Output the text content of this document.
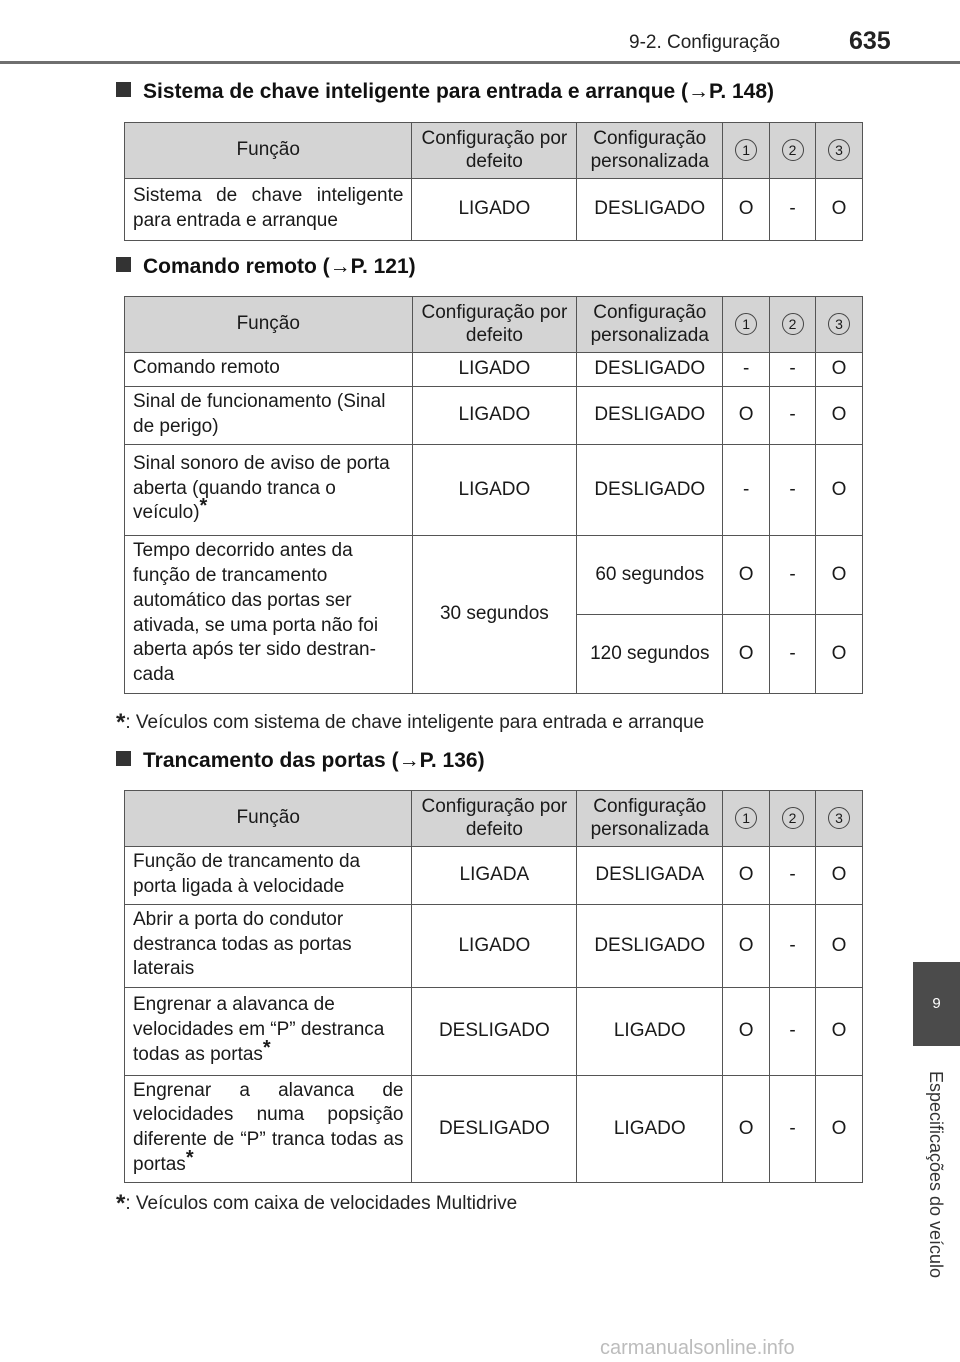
9-2. Configuração	635
9
Especificações do veículo
Sistema de chave inteligente para entrada e arranque (→P. 148)
Função	Configuração por defeito	Configuração personalizada	1	2	3
Sistema de chave inteligente para entrada e arranque	LIGADO	DESLIGADO	O	-	O
Comando remoto (→P. 121)
Função	Configuração por defeito	Configuração personalizada	1	2	3
Comando remoto	LIGADO	DESLIGADO	-	-	O
Sinal de funcionamento (Sinal de perigo)	LIGADO	DESLIGADO	O	-	O
Sinal sonoro de aviso de porta aberta (quando tranca o veículo)*	LIGADO	DESLIGADO	-	-	O
Tempo decorrido antes da função de trancamento automático das portas ser ativada, se uma porta não foi aberta após ter sido destran-cada	30 segundos	60 segundos	O	-	O
		120 segundos	O	-	O
*: Veículos com sistema de chave inteligente para entrada e arranque
Trancamento das portas (→P. 136)
Função	Configuração por defeito	Configuração personalizada	1	2	3
Função de trancamento da porta ligada à velocidade	LIGADA	DESLIGADA	O	-	O
Abrir a porta do condutor destranca todas as portas laterais	LIGADO	DESLIGADO	O	-	O
Engrenar a alavanca de velocidades em “P” destranca todas as portas*	DESLIGADO	LIGADO	O	-	O
Engrenar a alavanca de velocidades numa popsição diferente de “P” tranca todas as portas*	DESLIGADO	LIGADO	O	-	O
*: Veículos com caixa de velocidades Multidrive
carmanualsonline.info
